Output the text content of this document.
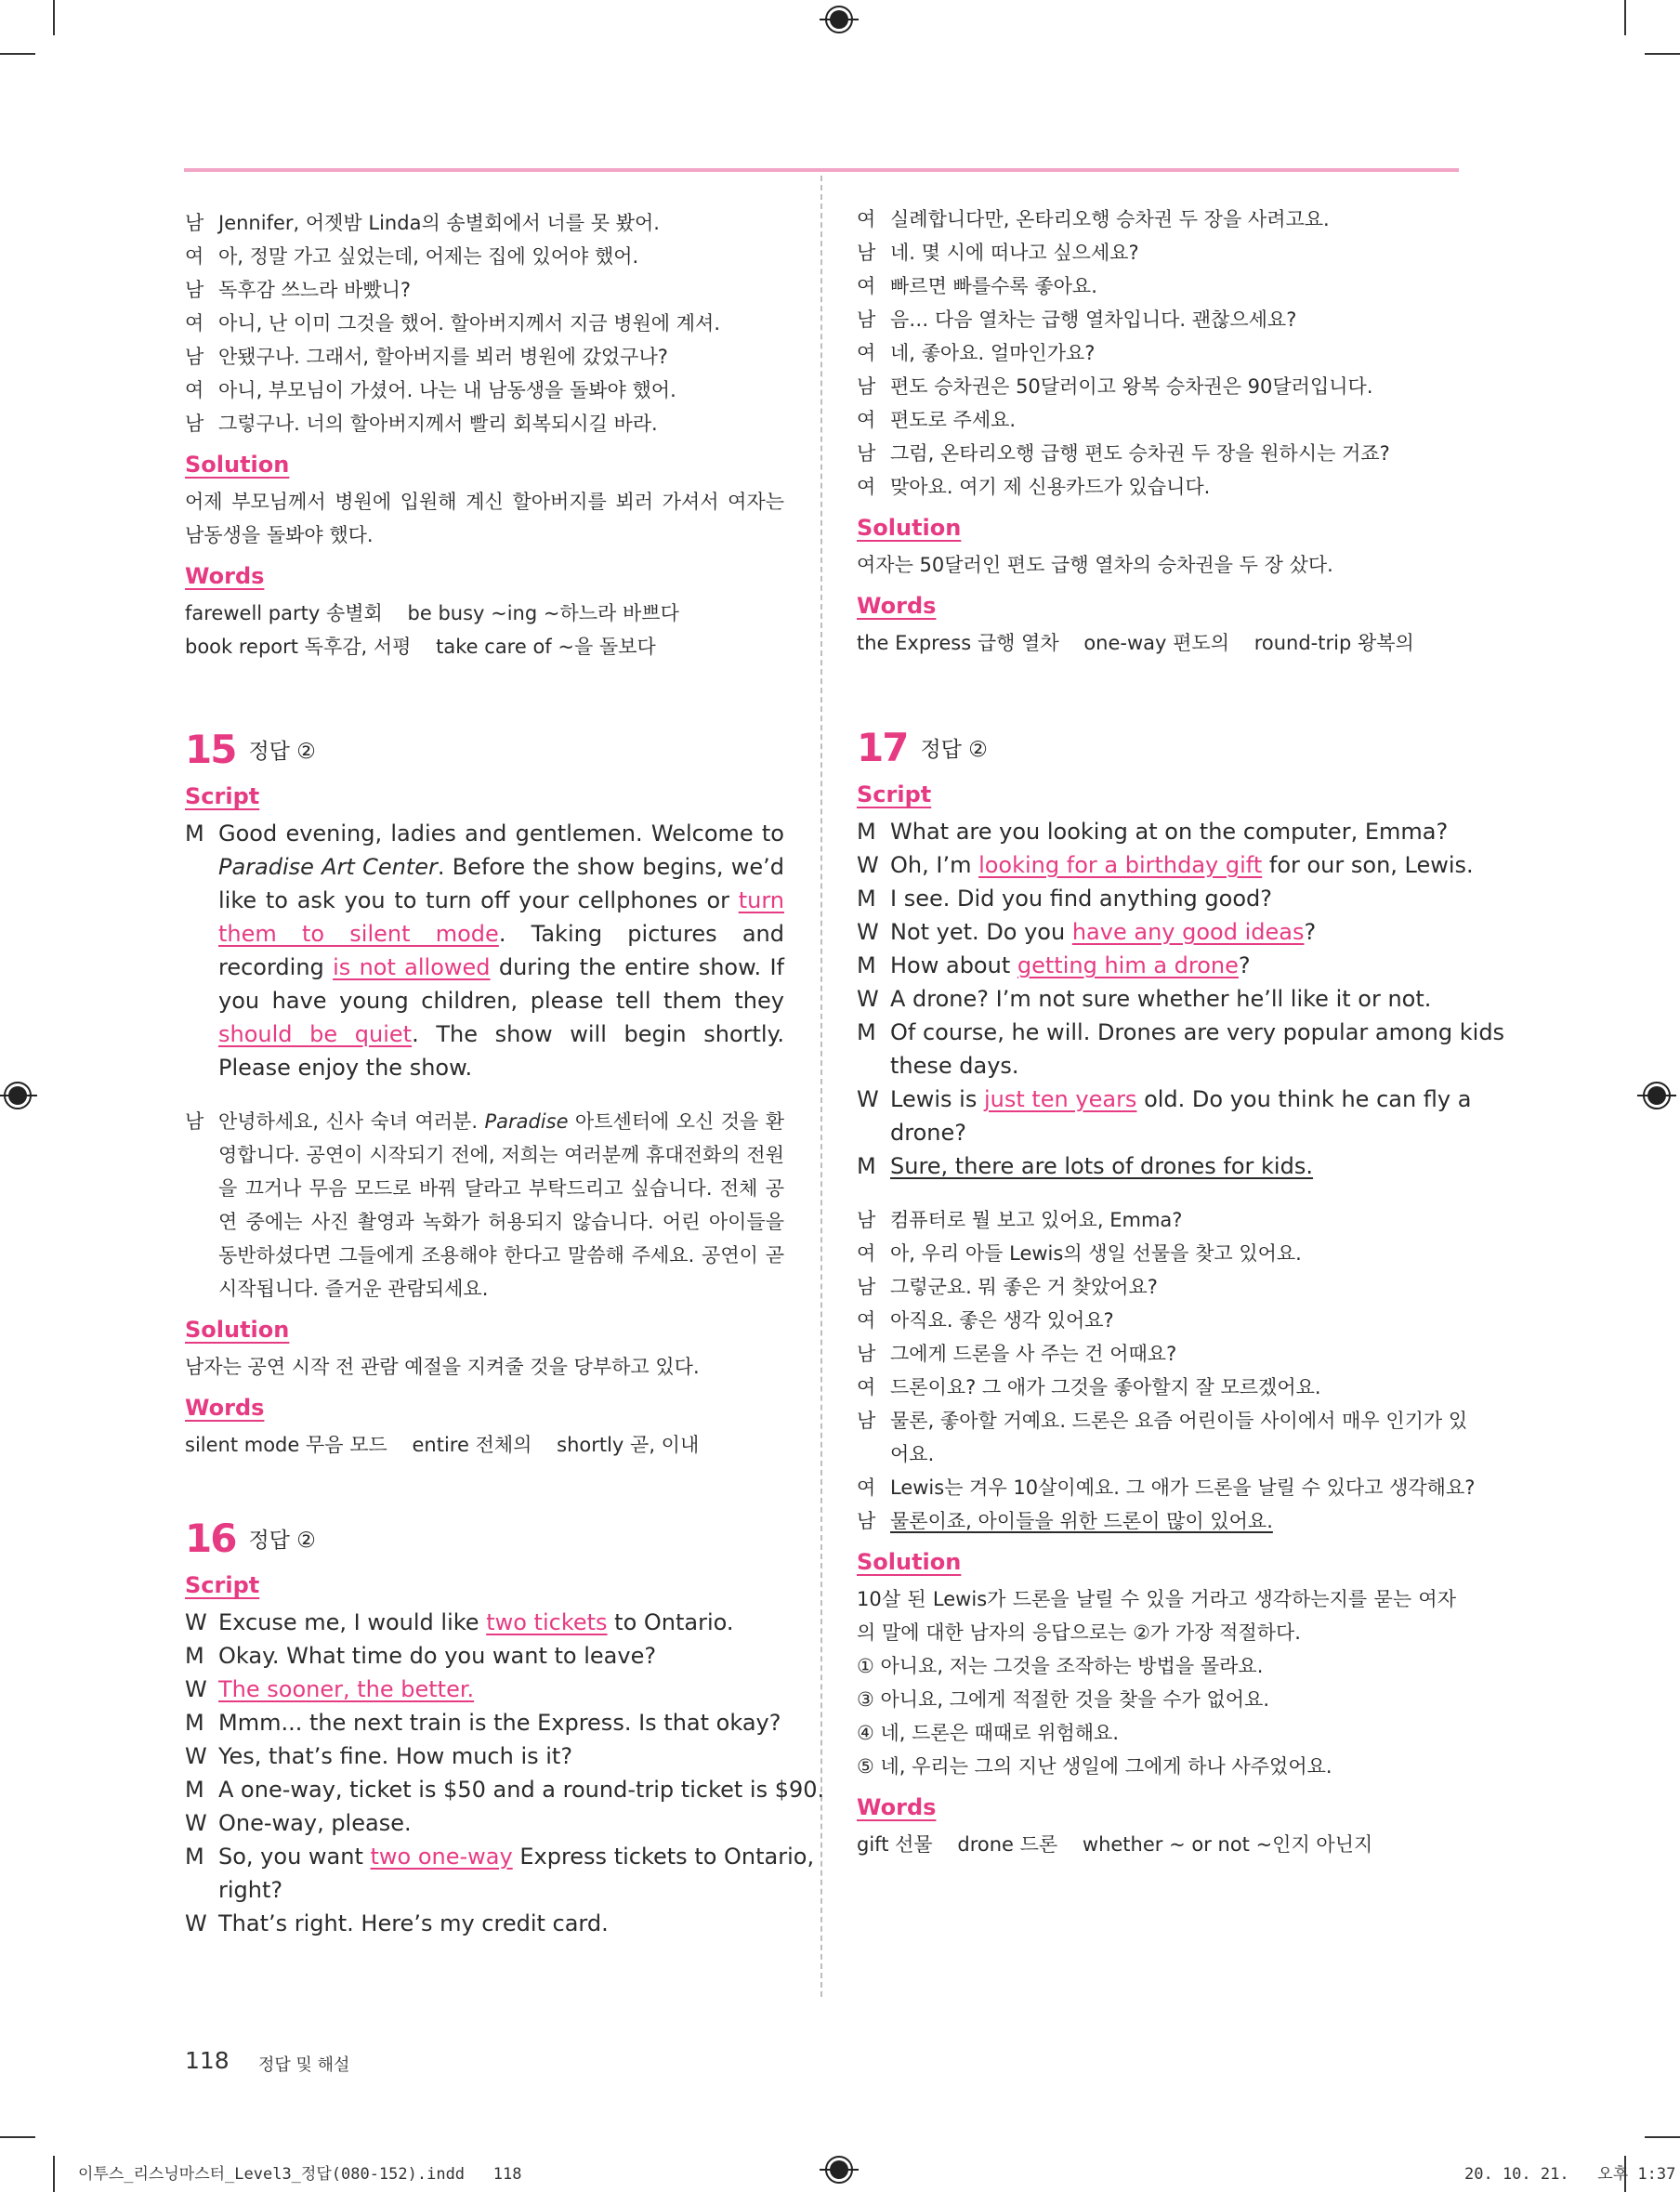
남 Jennifer, 어젯밤 Linda의 송별회에서 너를 못 봤어.
여 아, 정말 가고 싶었는데, 어제는 집에 있어야 했어.
남 독후감 쓰느라 바빴니?
여 아니, 난 이미 그것을 했어. 할아버지께서 지금 병원에 계셔.
남 안됐구나. 그래서, 할아버지를 뵈러 병원에 갔었구나?
여 아니, 부모님이 가셨어. 나는 내 남동생을 돌봐야 했어.
남 그렇구나. 너의 할아버지께서 빨리 회복되시길 바라.
Solution
어제 부모님께서 병원에 입원해 계신 할아버지를 뵈러 가셔서 여자는 남동생을 돌봐야 했다.
Words
farewell party 송별회    be busy ~ing ~하느라 바쁘다
book report 독후감, 서평    take care of ~을 돌보다
15 정답 ②
Script
M Good evening, ladies and gentlemen. Welcome to Paradise Art Center. Before the show begins, we’d like to ask you to turn off your cellphones or turn them to silent mode. Taking pictures and recording is not allowed during the entire show. If you have young children, please tell them they should be quiet. The show will begin shortly. Please enjoy the show.
남 안녕하세요, 신사 숙녀 여러분. Paradise 아트센터에 오신 것을 환영합니다. 공연이 시작되기 전에, 저희는 여러분께 휴대전화의 전원을 끄거나 무음 모드로 바꿔 달라고 부탁드리고 싶습니다. 전체 공연 중에는 사진 촬영과 녹화가 허용되지 않습니다. 어린 아이들을 동반하셨다면 그들에게 조용해야 한다고 말씀해 주세요. 공연이 곧 시작됩니다. 즐거운 관람되세요.
Solution
남자는 공연 시작 전 관람 예절을 지켜줄 것을 당부하고 있다.
Words
silent mode 무음 모드    entire 전체의    shortly 곧, 이내
16 정답 ②
Script
W Excuse me, I would like two tickets to Ontario.
M Okay. What time do you want to leave?
W The sooner, the better.
M Mmm... the next train is the Express. Is that okay?
W Yes, that’s fine. How much is it?
M A one-way, ticket is $50 and a round-trip ticket is $90.
W One-way, please.
M So, you want two one-way Express tickets to Ontario,
right?
W That’s right. Here’s my credit card.
여 실례합니다만, 온타리오행 승차권 두 장을 사려고요.
남 네. 몇 시에 떠나고 싶으세요?
여 빠르면 빠를수록 좋아요.
남 음… 다음 열차는 급행 열차입니다. 괜찮으세요?
여 네, 좋아요. 얼마인가요?
남 편도 승차권은 50달러이고 왕복 승차권은 90달러입니다.
여 편도로 주세요.
남 그럼, 온타리오행 급행 편도 승차권 두 장을 원하시는 거죠?
여 맞아요. 여기 제 신용카드가 있습니다.
Solution
여자는 50달러인 편도 급행 열차의 승차권을 두 장 샀다.
Words
the Express 급행 열차    one-way 편도의    round-trip 왕복의
17 정답 ②
Script
M What are you looking at on the computer, Emma?
W Oh, I’m looking for a birthday gift for our son, Lewis.
M I see. Did you find anything good?
W Not yet. Do you have any good ideas?
M How about getting him a drone?
W A drone? I’m not sure whether he’ll like it or not.
M Of course, he will. Drones are very popular among kids
these days.
W Lewis is just ten years old. Do you think he can fly a
drone?
M Sure, there are lots of drones for kids.
남 컴퓨터로 뭘 보고 있어요, Emma?
여 아, 우리 아들 Lewis의 생일 선물을 찾고 있어요.
남 그렇군요. 뭐 좋은 거 찾았어요?
여 아직요. 좋은 생각 있어요?
남 그에게 드론을 사 주는 건 어때요?
여 드론이요? 그 애가 그것을 좋아할지 잘 모르겠어요.
남 물론, 좋아할 거예요. 드론은 요즘 어린이들 사이에서 매우 인기가 있
어요.
여 Lewis는 겨우 10살이예요. 그 애가 드론을 날릴 수 있다고 생각해요?
남 물론이죠, 아이들을 위한 드론이 많이 있어요.
Solution
10살 된 Lewis가 드론을 날릴 수 있을 거라고 생각하는지를 묻는 여자의 말에 대한 남자의 응답으로는 ②가 가장 적절하다.
① 아니요, 저는 그것을 조작하는 방법을 몰라요.
③ 아니요, 그에게 적절한 것을 찾을 수가 없어요.
④ 네, 드론은 때때로 위험해요.
⑤ 네, 우리는 그의 지난 생일에 그에게 하나 사주었어요.
Words
gift 선물    drone 드론    whether ~ or not ~인지 아닌지
118 정답 및 해설
이투스_리스닝마스터_Level3_정답(080-152).indd   118	20. 10. 21.   오후 1:37
